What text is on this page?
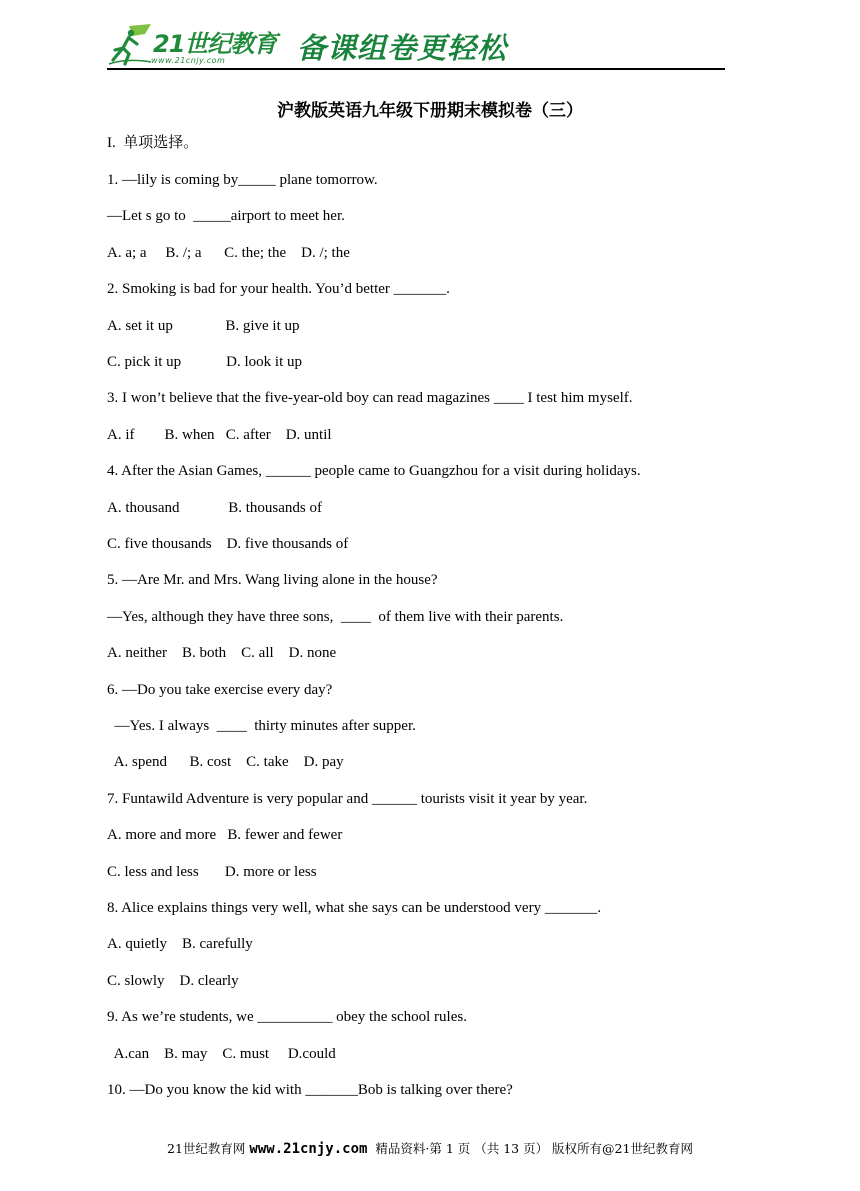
21世纪教育
www.21cnjy.com 备课组卷更轻松
沪教版英语九年级下册期末模拟卷（三）
I.  单项选择。
1. —lily is coming by_____ plane tomorrow.
—Let s go to  _____airport to meet her.
A. a; a     B. /; a      C. the; the    D. /; the
2. Smoking is bad for your health. You’d better _______.
A. set it up              B. give it up
C. pick it up            D. look it up
3. I won’t believe that the five-year-old boy can read magazines ____ I test him myself.
A. if        B. when   C. after    D. until
4. After the Asian Games, ______ people came to Guangzhou for a visit during holidays.
A. thousand             B. thousands of
C. five thousands    D. five thousands of
5. —Are Mr. and Mrs. Wang living alone in the house?
—Yes, although they have three sons,  ____  of them live with their parents.
A. neither    B. both    C. all    D. none
6. —Do you take exercise every day?
—Yes. I always  ____  thirty minutes after supper.
A. spend      B. cost    C. take    D. pay
7. Funtawild Adventure is very popular and ______ tourists visit it year by year.
A. more and more   B. fewer and fewer
C. less and less       D. more or less
8. Alice explains things very well, what she says can be understood very _______.
A. quietly    B. carefully
C. slowly    D. clearly
9. As we’re students, we __________ obey the school rules.
A.can    B. may    C. must     D.could
10. —Do you know the kid with _______Bob is talking over there?
21世纪教育网 www.21cnjy.com  精品资料·第 1 页 （共 13 页） 版权所有@21世纪教育网
